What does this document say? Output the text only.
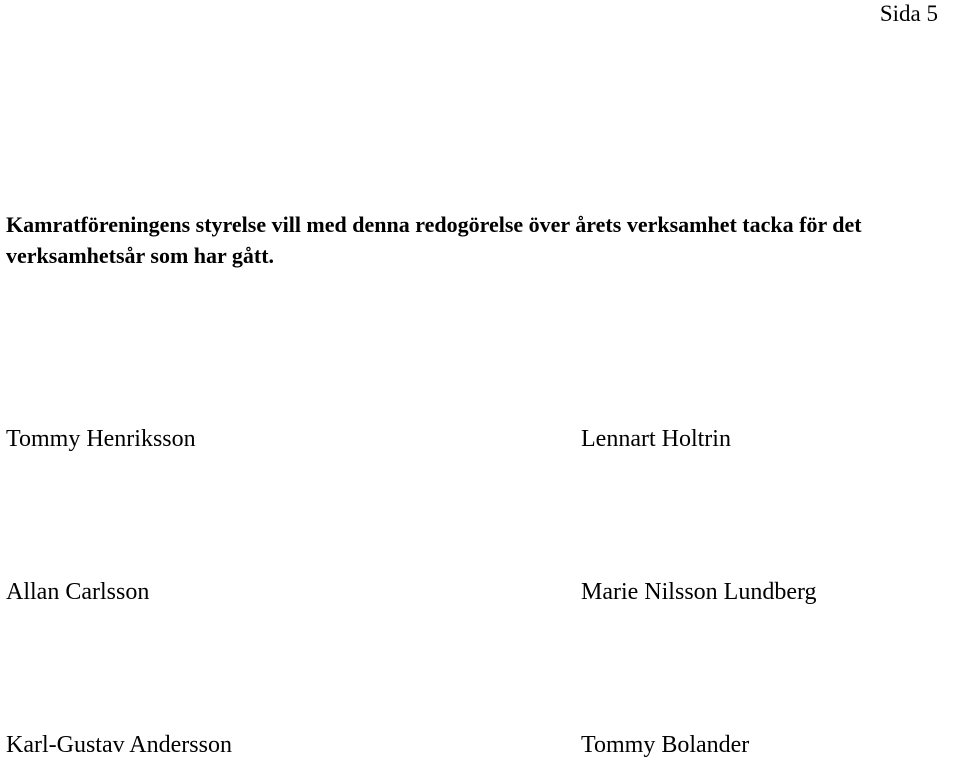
Sida 5

Kamratföreningens styrelse vill med denna redogörelse över årets verksamhet tacka för det verksamhetsår som har gått.

Tommy Henriksson	Lennart Holtrin
Allan Carlsson	Marie Nilsson Lundberg
Karl-Gustav Andersson	Tommy Bolander
